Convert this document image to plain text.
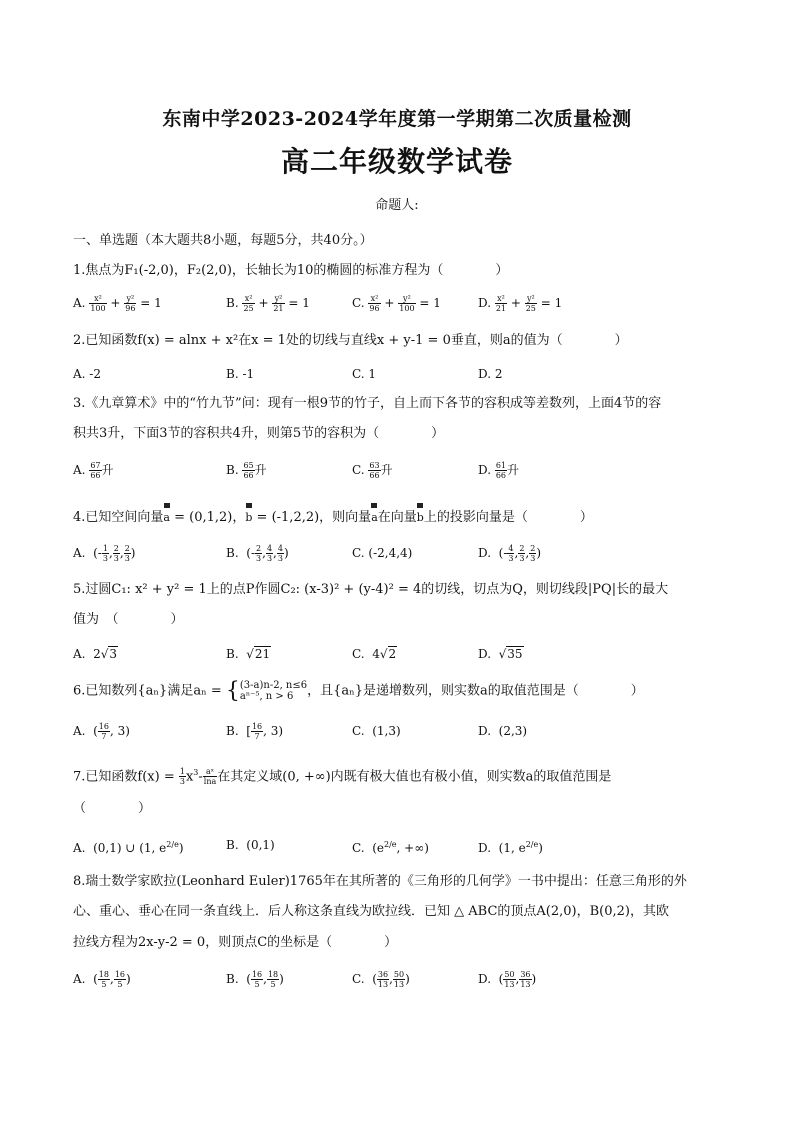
东南中学2023-2024学年度第一学期第二次质量检测
高二年级数学试卷
命题人:
一、单选题（本大题共8小题，每题5分，共40分。）
1.焦点为F₁(-2,0)，F₂(2,0)，长轴长为10的椭圆的标准方程为（　　　　）
A. $\frac{\text{x²}}{100} + \frac{\text{y²}}{96} = 1$	B. $\frac{\text{x²}}{25} + \frac{\text{y²}}{21} = 1$	C. $\frac{\text{x²}}{96} + \frac{\text{y²}}{100} = 1$	D. $\frac{\text{x²}}{21} + \frac{\text{y²}}{25} = 1$
2.已知函数f(x) = alnx + x²在x = 1处的切线与直线x + y-1 = 0垂直，则a的值为（　　　　）
A. -2	B. -1	C. 1	D. 2
3.《九章算术》中的“竹九节”问：现有一根9节的竹子，自上而下各节的容积成等差数列，上面4节的容
积共3升，下面3节的容积共4升，则第5节的容积为（　　　　）
A. $\frac{67}{66}$ 升	B. $\frac{65}{66}$ 升	C. $\frac{63}{66}$ 升	D. $\frac{61}{66}$ 升
4.已知空间向量
a = (0,1,2)，
b = (-1,2,2)，则向量
a在向量
b上的投影向量是（　　　　）
A.  (- $\frac{1}{3}$ , $\frac{2}{3}$ , $\frac{2}{3}$ )	B.  (- $\frac{2}{3}$ , $\frac{4}{3}$ , $\frac{4}{3}$ )	C. (-2,4,4)	D.  (- $\frac{4}{3}$ , $\frac{2}{3}$ , $\frac{2}{3}$ )
5.过圆C₁: x² + y² = 1上的点P作圆C₂: (x-3)² + (y-4)² = 4的切线，切点为Q，则切线段|PQ|长的最大
值为　（　　　　）
A.  2√3	B.  √21	C.  4√2	D.  √35
6.已知数列{aₙ}满足aₙ = { (3-a)n-2, n≤6
aⁿ⁻⁵, n > 6	，且{aₙ}是递增数列，则实数a的取值范围是（　　　　）
A.  ( $\frac{16}{7}$ , 3)	B.  [ $\frac{16}{7}$ , 3)	C.  (1,3)	D.  (2,3)
7.已知函数$f(x) = \frac{1}{3} x^3- \frac{\text{aˣ}}{\ln a}$ 在其定义域(0, +∞)内既有极大值也有极小值，则实数a的取值范围是
（　　　　）
A.  (0,1) ∪ (1, $e^{2/e}$)	B.  (0,1)	C.  ($e^{2/e}$, +∞)	D.  (1, $e^{2/e}$)
8.瑞士数学家欧拉(Leonhard Euler)1765年在其所著的《三角形的几何学》一书中提出：任意三角形的外
心、重心、垂心在同一条直线上．后人称这条直线为欧拉线．已知 △ ABC的顶点A(2,0)，B(0,2)，其欧
拉线方程为2x-y-2 = 0，则顶点C的坐标是（　　　　）
A.  ( $\frac{18}{5}$ , $\frac{16}{5}$ )	B.  ( $\frac{16}{5}$ , $\frac{18}{5}$ )	C.  ( $\frac{36}{13}$ , $\frac{50}{13}$ )	D.  ( $\frac{50}{13}$ , $\frac{36}{13}$ )
